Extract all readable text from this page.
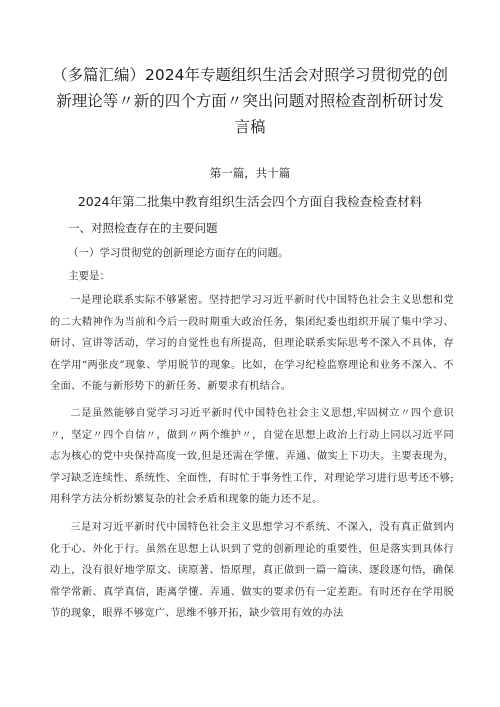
（多篇汇编）2024年专题组织生活会对照学习贯彻党的创新理论等〃新的四个方面〃突出问题对照检查剖析研讨发言稿
第一篇，共十篇
2024年第二批集中教育组织生活会四个方面自我检查检查材料
一、对照检查存在的主要问题
（一）学习贯彻党的创新理论方面存在的问题。
主要是：

一是理论联系实际不够紧密。坚持把学习习近平新时代中国特色社会主义思想和党的二大精神作为当前和今后一段时期重大政治任务，集团纪委也组织开展了集中学习、研讨、宣讲等活动，学习的自觉性也有所提高，但理论联系实际思考不深入不具体，存在学用“两张皮”现象、学用脱节的现象。比如，在学习纪检监察理论和业务不深入、不全面、不能与新形势下的新任务、新要求有机结合。

二是虽然能够自觉学习习近平新时代中国特色社会主义思想,牢固树立〃四个意识〃，坚定〃四个自信〃，做到〃两个维护〃，自觉在思想上政治上行动上同以习近平同志为核心的党中央保持高度一致,但是还需在学懂、弄通、做实上下功夫。主要表现为，学习缺乏连续性、系统性、全面性，有时忙于事务性工作，对理论学习进行思考还不够;用科学方法分析纷繁复杂的社会矛盾和现象的能力还不足。

三是对习近平新时代中国特色社会主义思想学习不系统、不深入，没有真正做到内化于心、外化于行。虽然在思想上认识到了党的创新理论的重要性，但是落实到具体行动上，没有很好地学原文、读原著、悟原理，真正做到一篇一篇读、逐段逐句悟，确保常学常新、真学真信，距离学懂、弄通、做实的要求仍有一定差距。有时还存在学用脱节的现象，眼界不够宽广、思维不够开拓，缺少管用有效的办法
